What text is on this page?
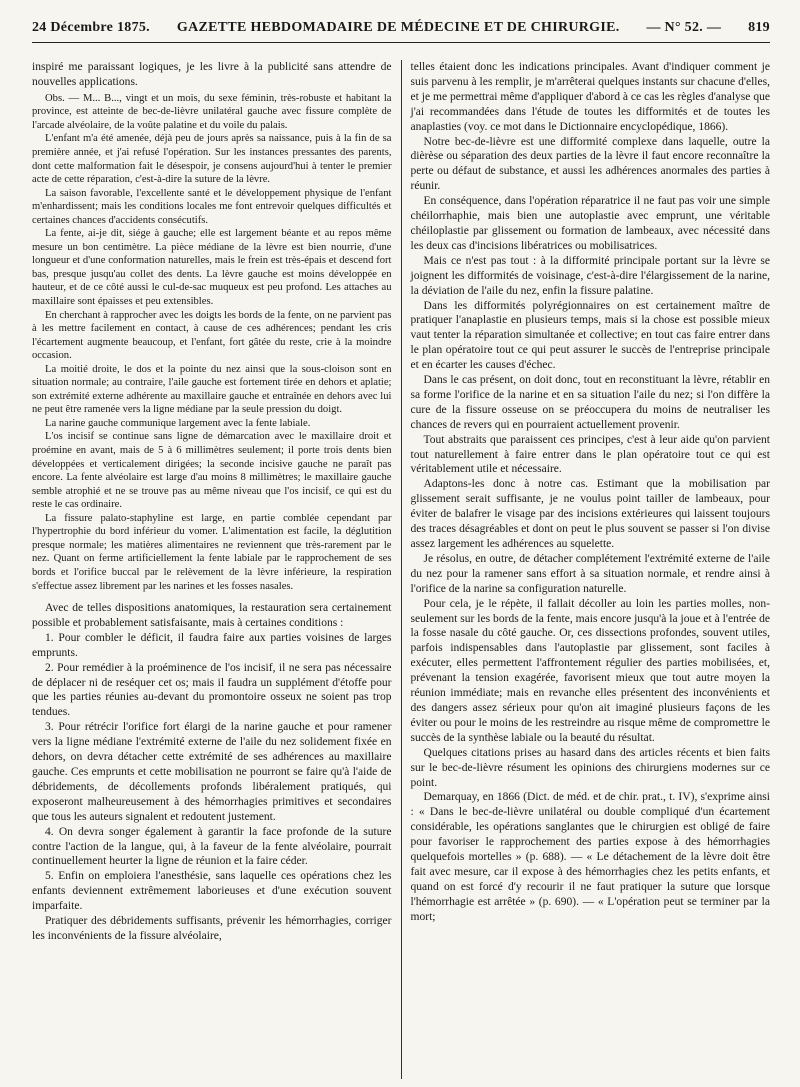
24 Décembre 1875. GAZETTE HEBDOMADAIRE DE MÉDECINE ET DE CHIRURGIE. — N° 52. — 819

inspiré me paraissant logiques, je les livre à la publicité sans attendre de nouvelles applications.

Obs. — M... B..., vingt et un mois, du sexe féminin, très-robuste et habitant la province, est atteinte de bec-de-lièvre unilatéral gauche avec fissure complète de l'arcade alvéolaire, de la voûte palatine et du voile du palais.

L'enfant m'a été amenée, déjà peu de jours après sa naissance, puis à la fin de sa première année, et j'ai refusé l'opération. Sur les instances pressantes des parents, dont cette malformation fait le désespoir, je consens aujourd'hui à tenter le premier acte de cette réparation, c'est-à-dire la suture de la lèvre.

La saison favorable, l'excellente santé et le développement physique de l'enfant m'enhardissent; mais les conditions locales me font entrevoir quelques difficultés et certaines chances d'accidents consécutifs.

La fente, ai-je dit, siége à gauche; elle est largement béante et au repos même mesure un bon centimètre. La pièce médiane de la lèvre est bien nourrie, d'une longueur et d'une conformation naturelles, mais le frein est très-épais et descend fort bas, presque jusqu'au collet des dents. La lèvre gauche est moins développée en hauteur, et de ce côté aussi le cul-de-sac muqueux est peu profond. Les attaches au maxillaire sont épaisses et peu extensibles.

En cherchant à rapprocher avec les doigts les bords de la fente, on ne parvient pas à les mettre facilement en contact, à cause de ces adhérences; pendant les cris l'écartement augmente beaucoup, et l'enfant, fort gâtée du reste, crie à la moindre occasion.

La moitié droite, le dos et la pointe du nez ainsi que la sous-cloison sont en situation normale; au contraire, l'aile gauche est fortement tirée en dehors et aplatie; son extrémité externe adhérente au maxillaire gauche et entraînée en dehors avec lui ne peut être ramenée vers la ligne médiane par la seule pression du doigt.

La narine gauche communique largement avec la fente labiale.

L'os incisif se continue sans ligne de démarcation avec le maxillaire droit et proémine en avant, mais de 5 à 6 millimètres seulement; il porte trois dents bien développées et verticalement dirigées; la seconde incisive gauche ne paraît pas encore. La fente alvéolaire est large d'au moins 8 millimètres; le maxillaire gauche semble atrophié et ne se trouve pas au même niveau que l'os incisif, ce qui est du reste le cas ordinaire.

La fissure palato-staphyline est large, en partie comblée cependant par l'hypertrophie du bord inférieur du vomer. L'alimentation est facile, la déglutition presque normale; les matières alimentaires ne reviennent que très-rarement par le nez. Quant on ferme artificiellement la fente labiale par le rapprochement de ses bords et l'orifice buccal par le relèvement de la lèvre inférieure, la respiration s'effectue assez librement par les narines et les fosses nasales.

Avec de telles dispositions anatomiques, la restauration sera certainement possible et probablement satisfaisante, mais à certaines conditions :

1. Pour combler le déficit, il faudra faire aux parties voisines de larges emprunts.

2. Pour remédier à la proéminence de l'os incisif, il ne sera pas nécessaire de déplacer ni de reséquer cet os; mais il faudra un supplément d'étoffe pour que les parties réunies au-devant du promontoire osseux ne soient pas trop tendues.

3. Pour rétrécir l'orifice fort élargi de la narine gauche et pour ramener vers la ligne médiane l'extrémité externe de l'aile du nez solidement fixée en dehors, on devra détacher cette extrémité de ses adhérences au maxillaire gauche. Ces emprunts et cette mobilisation ne pourront se faire qu'à l'aide de débridements, de décollements profonds libéralement pratiqués, qui exposeront malheureusement à des hémorrhagies primitives et secondaires que tous les auteurs signalent et redoutent justement.

4. On devra songer également à garantir la face profonde de la suture contre l'action de la langue, qui, à la faveur de la fente alvéolaire, pourrait continuellement heurter la ligne de réunion et la faire céder.

5. Enfin on emploiera l'anesthésie, sans laquelle ces opérations chez les enfants deviennent extrêmement laborieuses et d'une exécution souvent imparfaite.

Pratiquer des débridements suffisants, prévenir les hémorrhagies, corriger les inconvénients de la fissure alvéolaire,

telles étaient donc les indications principales. Avant d'indiquer comment je suis parvenu à les remplir, je m'arrêterai quelques instants sur chacune d'elles, et je me permettrai même d'appliquer d'abord à ce cas les règles d'analyse que j'ai recommandées dans l'étude de toutes les difformités et de toutes les anaplasties (voy. ce mot dans le Dictionnaire encyclopédique, 1866).

Notre bec-de-lièvre est une difformité complexe dans laquelle, outre la dièrèse ou séparation des deux parties de la lèvre il faut encore reconnaître la perte ou défaut de substance, et aussi les adhérences anormales des parties à réunir.

En conséquence, dans l'opération réparatrice il ne faut pas voir une simple chéilorrhaphie, mais bien une autoplastie avec emprunt, une véritable chéiloplastie par glissement ou formation de lambeaux, avec nécessité dans les deux cas d'incisions libératrices ou mobilisatrices.

Mais ce n'est pas tout : à la difformité principale portant sur la lèvre se joignent les difformités de voisinage, c'est-à-dire l'élargissement de la narine, la déviation de l'aile du nez, enfin la fissure palatine.

Dans les difformités polyrégionnaires on est certainement maître de pratiquer l'anaplastie en plusieurs temps, mais si la chose est possible mieux vaut tenter la réparation simultanée et collective; en tout cas faire entrer dans le plan opératoire tout ce qui peut assurer le succès de l'entreprise principale et en écarter les causes d'échec.

Dans le cas présent, on doit donc, tout en reconstituant la lèvre, rétablir en sa forme l'orifice de la narine et en sa situation l'aile du nez; si l'on diffère la cure de la fissure osseuse on se préoccupera du moins de neutraliser les chances de revers qui en pourraient actuellement provenir.

Tout abstraits que paraissent ces principes, c'est à leur aide qu'on parvient tout naturellement à faire entrer dans le plan opératoire tout ce qui est véritablement utile et nécessaire.

Adaptons-les donc à notre cas. Estimant que la mobilisation par glissement serait suffisante, je ne voulus point tailler de lambeaux, pour éviter de balafrer le visage par des incisions extérieures qui laissent toujours des traces désagréables et dont on peut le plus souvent se passer si l'on divise assez largement les adhérences au squelette.

Je résolus, en outre, de détacher complétement l'extrémité externe de l'aile du nez pour la ramener sans effort à sa situation normale, et rendre ainsi à l'orifice de la narine sa configuration naturelle.

Pour cela, je le répète, il fallait décoller au loin les parties molles, non-seulement sur les bords de la fente, mais encore jusqu'à la joue et à l'entrée de la fosse nasale du côté gauche. Or, ces dissections profondes, souvent utiles, parfois indispensables dans l'autoplastie par glissement, sont faciles à exécuter, elles permettent l'affrontement régulier des parties mobilisées, et, prévenant la tension exagérée, favorisent mieux que tout autre moyen la réunion immédiate; mais en revanche elles présentent des inconvénients et des dangers assez sérieux pour qu'on ait imaginé plusieurs façons de les éviter ou pour le moins de les restreindre au risque même de compromettre le succès de la synthèse labiale ou la beauté du résultat.

Quelques citations prises au hasard dans des articles récents et bien faits sur le bec-de-lièvre résument les opinions des chirurgiens modernes sur ce point.

Demarquay, en 1866 (Dict. de méd. et de chir. prat., t. IV), s'exprime ainsi : « Dans le bec-de-lièvre unilatéral ou double compliqué d'un écartement considérable, les opérations sanglantes que le chirurgien est obligé de faire pour favoriser le rapprochement des parties expose à des hémorrhagies quelquefois mortelles » (p. 688). — « Le détachement de la lèvre doit être fait avec mesure, car il expose à des hémorrhagies chez les petits enfants, et quand on est forcé d'y recourir il ne faut pratiquer la suture que lorsque l'hémorrhagie est arrêtée » (p. 690). — « L'opération peut se terminer par la mort;
